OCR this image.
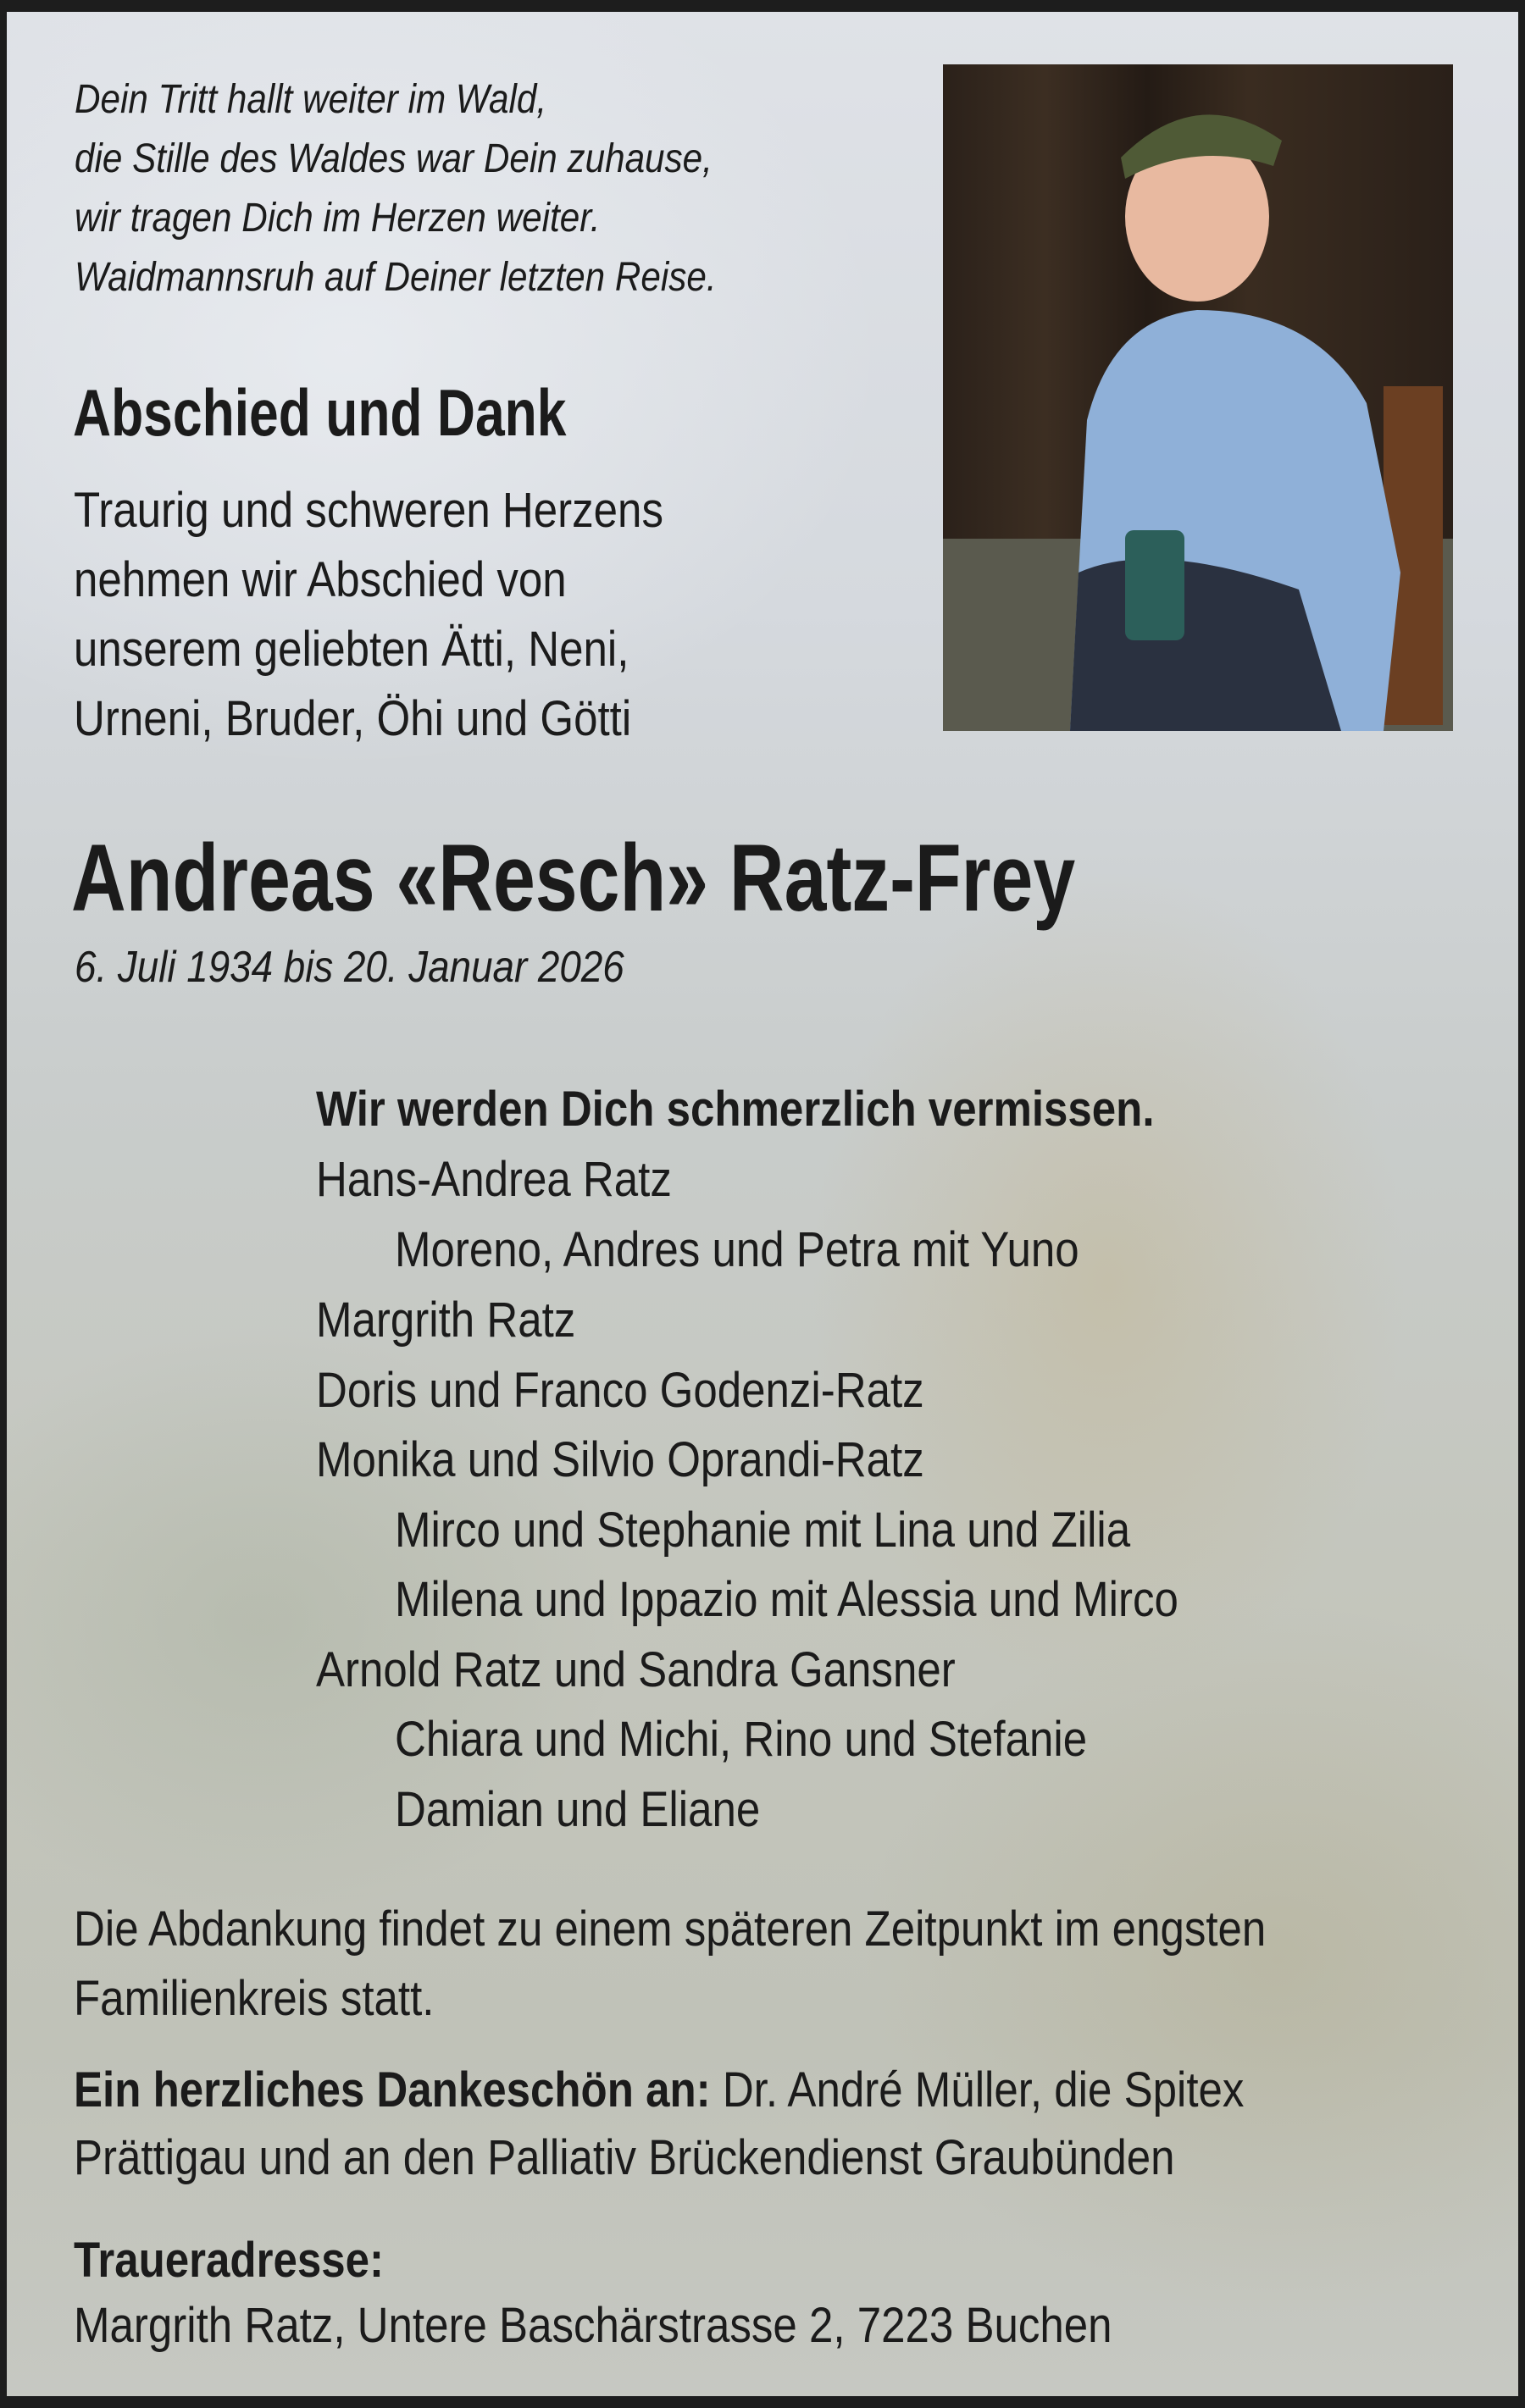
Dein Tritt hallt weiter im Wald,
die Stille des Waldes war Dein zuhause,
wir tragen Dich im Herzen weiter.
Waidmannsruh auf Deiner letzten Reise.
Abschied und Dank
Traurig und schweren Herzens
nehmen wir Abschied von
unserem geliebten Ätti, Neni,
Urneni, Bruder, Öhi und Götti
Andreas «Resch» Ratz-Frey
6. Juli 1934 bis 20. Januar 2026
Wir werden Dich schmerzlich vermissen.
Hans-Andrea Ratz
Moreno, Andres und Petra mit Yuno
Margrith Ratz
Doris und Franco Godenzi-Ratz
Monika und Silvio Oprandi-Ratz
Mirco und Stephanie mit Lina und Zilia
Milena und Ippazio mit Alessia und Mirco
Arnold Ratz und Sandra Gansner
Chiara und Michi, Rino und Stefanie
Damian und Eliane
Die Abdankung findet zu einem späteren Zeitpunkt im engsten
Familienkreis statt.
Ein herzliches Dankeschön an: Dr. André Müller, die Spitex
Prättigau und an den Palliativ Brückendienst Graubünden
Traueradresse:
Margrith Ratz, Untere Baschärstrasse 2, 7223 Buchen
